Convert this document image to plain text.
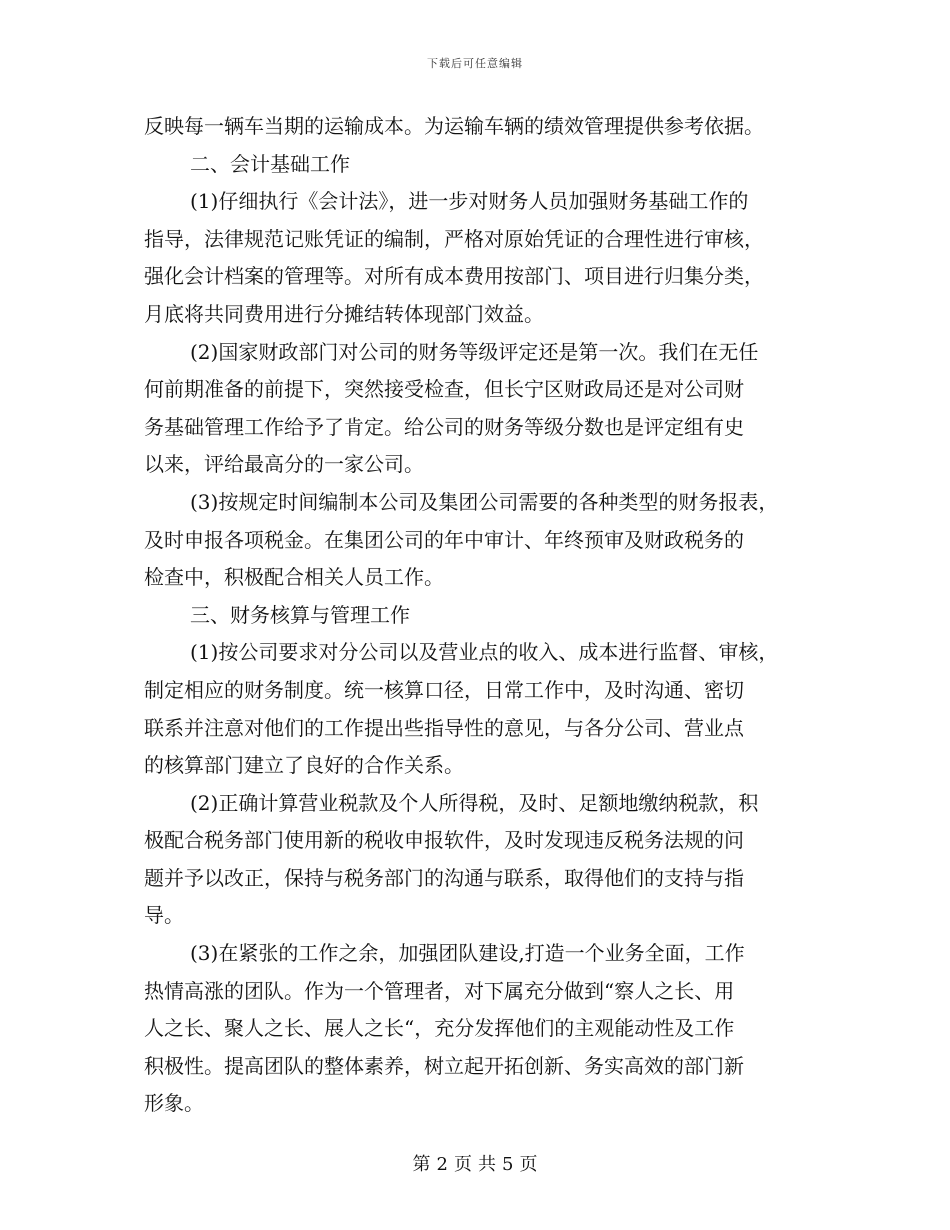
下载后可任意编辑
反映每一辆车当期的运输成本。为运输车辆的绩效管理提供参考依据。
二、会计基础工作
(1)仔细执行《会计法》，进一步对财务人员加强财务基础工作的
指导，法律规范记账凭证的编制，严格对原始凭证的合理性进行审核，
强化会计档案的管理等。对所有成本费用按部门、项目进行归集分类，
月底将共同费用进行分摊结转体现部门效益。
(2)国家财政部门对公司的财务等级评定还是第一次。我们在无任
何前期准备的前提下，突然接受检查，但长宁区财政局还是对公司财
务基础管理工作给予了肯定。给公司的财务等级分数也是评定组有史
以来，评给最高分的一家公司。
(3)按规定时间编制本公司及集团公司需要的各种类型的财务报表，
及时申报各项税金。在集团公司的年中审计、年终预审及财政税务的
检查中，积极配合相关人员工作。
三、财务核算与管理工作
(1)按公司要求对分公司以及营业点的收入、成本进行监督、审核，
制定相应的财务制度。统一核算口径，日常工作中，及时沟通、密切
联系并注意对他们的工作提出些指导性的意见，与各分公司、营业点
的核算部门建立了良好的合作关系。
(2)正确计算营业税款及个人所得税，及时、足额地缴纳税款，积
极配合税务部门使用新的税收申报软件，及时发现违反税务法规的问
题并予以改正，保持与税务部门的沟通与联系，取得他们的支持与指
导。
(3)在紧张的工作之余，加强团队建设,打造一个业务全面，工作
热情高涨的团队。作为一个管理者，对下属充分做到“察人之长、用
人之长、聚人之长、展人之长“，充分发挥他们的主观能动性及工作
积极性。提高团队的整体素养，树立起开拓创新、务实高效的部门新
形象。
第 2 页 共 5 页
